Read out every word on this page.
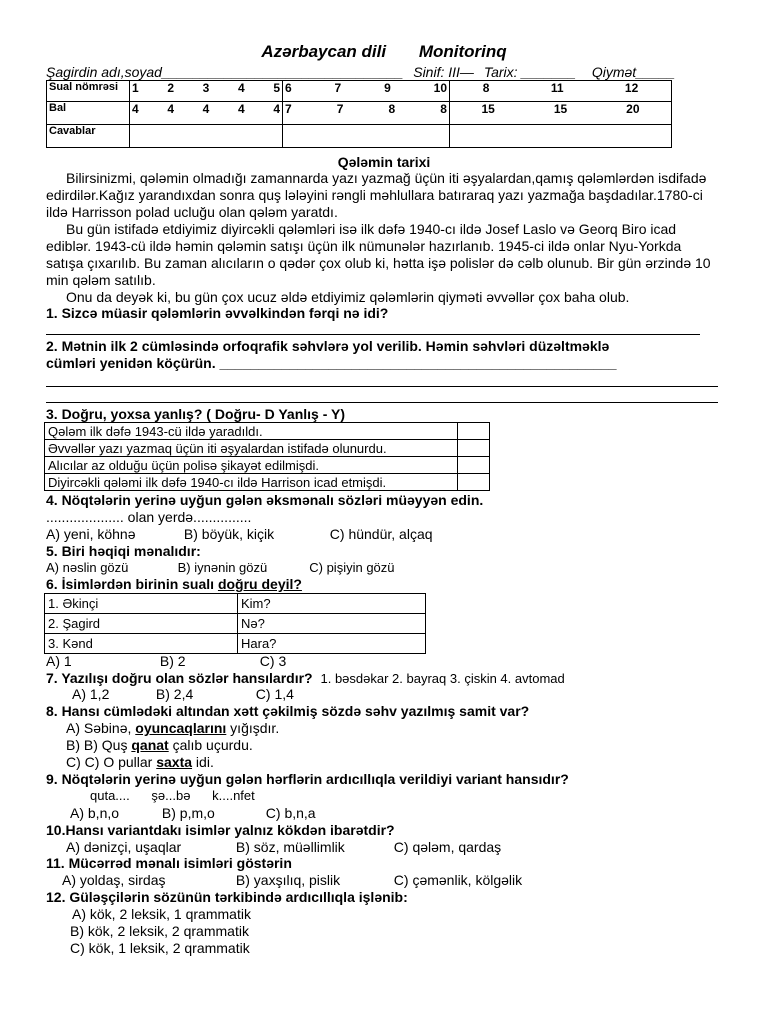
Azərbaycan dili Monitorinq
Şagirdin adı,soyad_______________________________ Sinif: III— Tarix: _______ Qiymət_____
Sual nömrəsi	1 2 3 4 5	6 7 9 10	8 11 12

Bal	4 4 4 4 4	7 7 8 8	15 15 20

Cavablar			
Qələmin tarixi
Bilirsinizmi, qələmin olmadığı zamannarda yazı yazmağ üçün iti əşyalardan,qamış qələmlərdən isdifadə edirdilər.Kağız yarandıxdan sonra quş lələyini rəngli məhlullara batıraraq yazı yazmağa başdadılar.1780-ci ildə Harrisson polad ucluğu olan qələm yaratdı.
Bu gün istifadə etdiyimiz diyircəkli qələmləri isə ilk dəfə 1940-cı ildə Josef Laslo və Georq Biro icad ediblər. 1943-cü ildə həmin qələmin satışı üçün ilk nümunələr hazırlanıb. 1945-ci ildə onlar Nyu-Yorkda satışa çıxarılıb. Bu zaman alıcıların o qədər çox olub ki, hətta işə polislər də cəlb olunub. Bir gün ərzində 10 min qələm satılıb.
Onu da deyək ki, bu gün çox ucuz əldə etdiyimiz qələmlərin qiyməti əvvəllər çox baha olub.
1. Sizcə müasir qələmlərin əvvəlkindən fərqi nə idi?
2. Mətnin ilk 2 cümləsində orfoqrafik səhvlərə yol verilib. Həmin səhvləri düzəltməklə
cümləri yenidən köçürün. ___________________________________________________
3. Doğru, yoxsa yanlış? ( Doğru- D Yanlış - Y)
Qələm ilk dəfə 1943-cü ildə yaradıldı.	
Əvvəllər yazı yazmaq üçün iti əşyalardan istifadə olunurdu.	
Alıcılar az olduğu üçün polisə şikayət edilmişdi.	
Diyircəkli qələmi ilk dəfə 1940-cı ildə Harrison icad etmişdi.	
4. Nöqtələrin yerinə uyğun gələn əksmənalı sözləri müəyyən edin.
.................... olan yerdə...............
A) yeni, köhnə	B) böyük, kiçik	C) hündür, alçaq
5. Biri həqiqi mənalıdır:
A) nəslin gözü	B) iynənin gözü	C) pişiyin gözü
6. İsimlərdən birinin sualı doğru deyil?
1. Əkinçi	Kim?
2. Şagird	Nə?
3. Kənd	Hara?
A) 1	B) 2	C) 3
7. Yazılışı doğru olan sözlər hansılardır? 1. bəsdəkar 2. bayraq 3. çiskin 4. avtomad
A) 1,2	B) 2,4	C) 1,4
8. Hansı cümlədəki altından xətt çəkilmiş sözdə səhv yazılmış samit var?
A) Səbinə, oyuncaqlarını yığışdır.
B) B) Quş qanat çalıb uçurdu.
C) C) O pullar saxta idi.
9. Nöqtələrin yerinə uyğun gələn hərflərin ardıcıllıqla verildiyi variant hansıdır?
quta....      şə...bə      k....nfet
A) b,n,o	B) p,m,o	C) b,n,a
10.Hansı variantdakı isimlər yalnız kökdən ibarətdir?
A) dənizçi, uşaqlar	B) söz, müəllimlik	C) qələm, qardaş
11. Mücərrəd mənalı isimləri göstərin
A) yoldaş, sirdaş	B) yaxşılıq, pislik	C) çəmənlik, kölgəlik
12. Güləşçilərin sözünün tərkibində ardıcıllıqla işlənib:
A) kök, 2 leksik, 1 qrammatik
B) kök, 2 leksik, 2 qrammatik
C) kök, 1 leksik, 2 qrammatik
